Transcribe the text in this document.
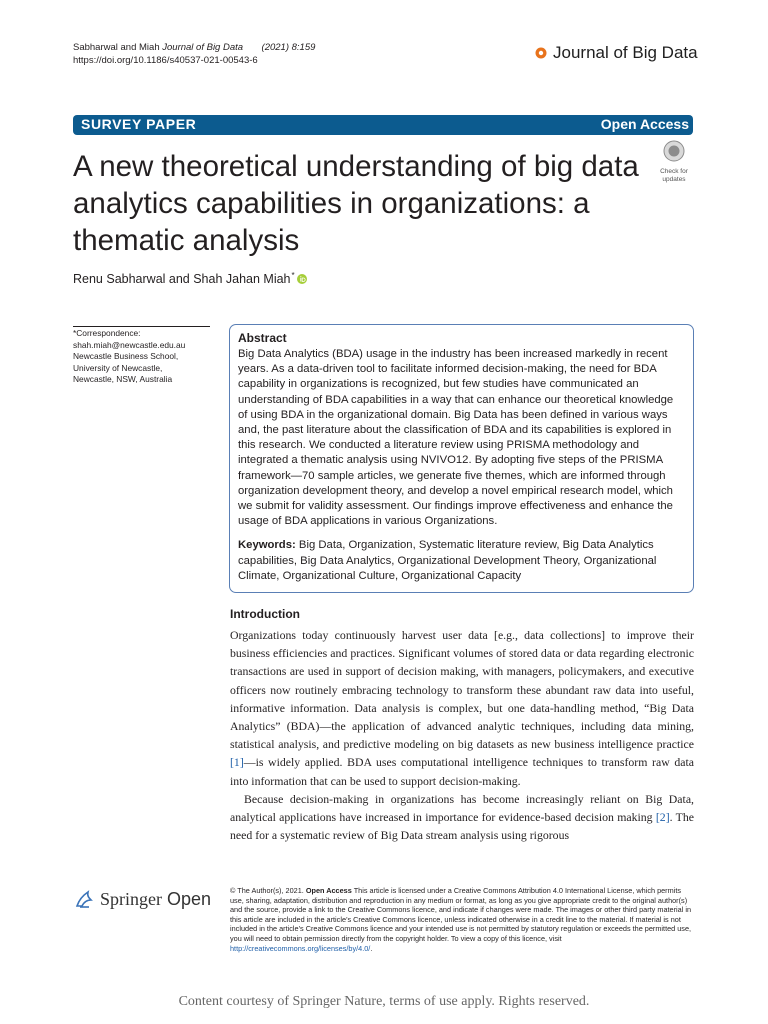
Sabharwal and Miah Journal of Big Data (2021) 8:159
https://doi.org/10.1186/s40537-021-00543-6	Journal of Big Data
SURVEY PAPER	Open Access
A new theoretical understanding of big data analytics capabilities in organizations: a thematic analysis
Check for
updates
Renu Sabharwal and Shah Jahan Miah*
*Correspondence:
shah.miah@newcastle.edu.au
Newcastle Business School,
University of Newcastle,
Newcastle, NSW, Australia
Abstract
Big Data Analytics (BDA) usage in the industry has been increased markedly in recent years. As a data-driven tool to facilitate informed decision-making, the need for BDA capability in organizations is recognized, but few studies have communicated an understanding of BDA capabilities in a way that can enhance our theoretical knowledge of using BDA in the organizational domain. Big Data has been defined in various ways and, the past literature about the classification of BDA and its capabilities is explored in this research. We conducted a literature review using PRISMA methodology and integrated a thematic analysis using NVIVO12. By adopting five steps of the PRISMA framework—70 sample articles, we generate five themes, which are informed through organization development theory, and develop a novel empirical research model, which we submit for validity assessment. Our findings improve effectiveness and enhance the usage of BDA applications in various Organizations.
Keywords: Big Data, Organization, Systematic literature review, Big Data Analytics capabilities, Big Data Analytics, Organizational Development Theory, Organizational Climate, Organizational Culture, Organizational Capacity
Introduction

Organizations today continuously harvest user data [e.g., data collections] to improve their business efficiencies and practices. Significant volumes of stored data or data regarding electronic transactions are used in support of decision making, with managers, policymakers, and executive officers now routinely embracing technology to transform these abundant raw data into useful, informative information. Data analysis is complex, but one data-handling method, “Big Data Analytics” (BDA)—the application of advanced analytic techniques, including data mining, statistical analysis, and predictive modeling on big datasets as new business intelligence practice [1]—is widely applied. BDA uses computational intelligence techniques to transform raw data into information that can be used to support decision-making.

Because decision-making in organizations has become increasingly reliant on Big Data, analytical applications have increased in importance for evidence-based decision making [2]. The need for a systematic review of Big Data stream analysis using rigorous

Springer Open	© The Author(s), 2021. Open Access This article is licensed under a Creative Commons Attribution 4.0 International License, which permits use, sharing, adaptation, distribution and reproduction in any medium or format, as long as you give appropriate credit to the original author(s) and the source, provide a link to the Creative Commons licence, and indicate if changes were made. The images or other third party material in this article are included in the article’s Creative Commons licence, unless indicated otherwise in a credit line to the material. If material is not included in the article’s Creative Commons licence and your intended use is not permitted by statutory regulation or exceeds the permitted use, you will need to obtain permission directly from the copyright holder. To view a copy of this licence, visit http://creativecommons.org/licenses/by/4.0/.
Content courtesy of Springer Nature, terms of use apply. Rights reserved.
